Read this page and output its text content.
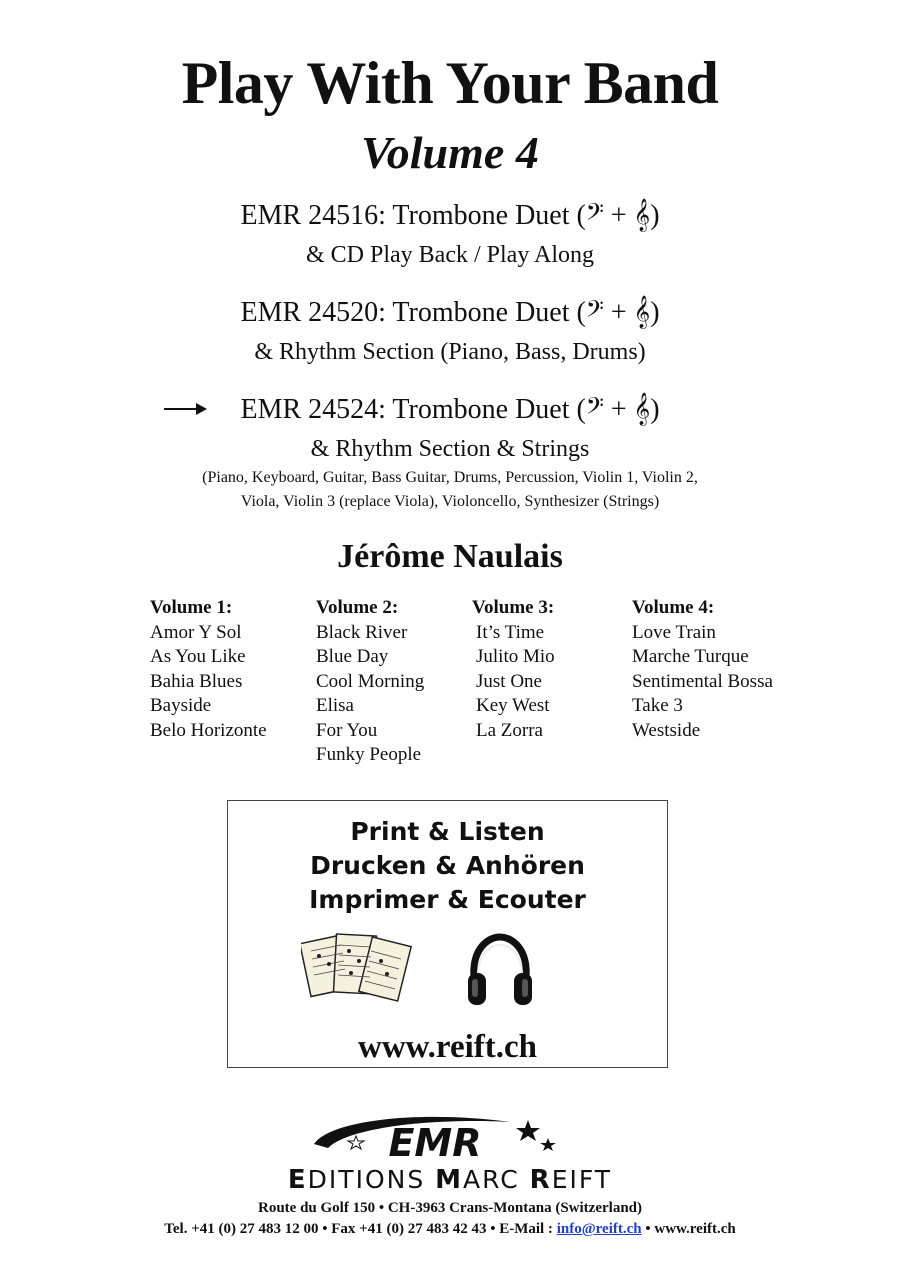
Play With Your Band
Volume 4
EMR 24516: Trombone Duet (𝄢 + 𝄞)
& CD Play Back / Play Along
EMR 24520: Trombone Duet (𝄢 + 𝄞)
& Rhythm Section (Piano, Bass, Drums)
EMR 24524: Trombone Duet (𝄢 + 𝄞)
& Rhythm Section & Strings
(Piano, Keyboard, Guitar, Bass Guitar, Drums, Percussion, Violin 1, Violin 2,
Viola, Violin 3 (replace Viola), Violoncello, Synthesizer (Strings)
Jérôme Naulais
Volume 1:
Amor Y Sol
As You Like
Bahia Blues
Bayside
Belo Horizonte
Volume 2:
Black River
Blue Day
Cool Morning
Elisa
For You
Funky People
Volume 3:
It’s Time
Julito Mio
Just One
Key West
La Zorra
Volume 4:
Love Train
Marche Turque
Sentimental Bossa
Take 3
Westside
Print & Listen
Drucken & Anhören
Imprimer & Ecouter
www.reift.ch
EMR
EDITIONS MARC REIFT
Route du Golf 150 • CH-3963 Crans-Montana (Switzerland)
Tel. +41 (0) 27 483 12 00 • Fax +41 (0) 27 483 42 43 • E-Mail : info@reift.ch • www.reift.ch
